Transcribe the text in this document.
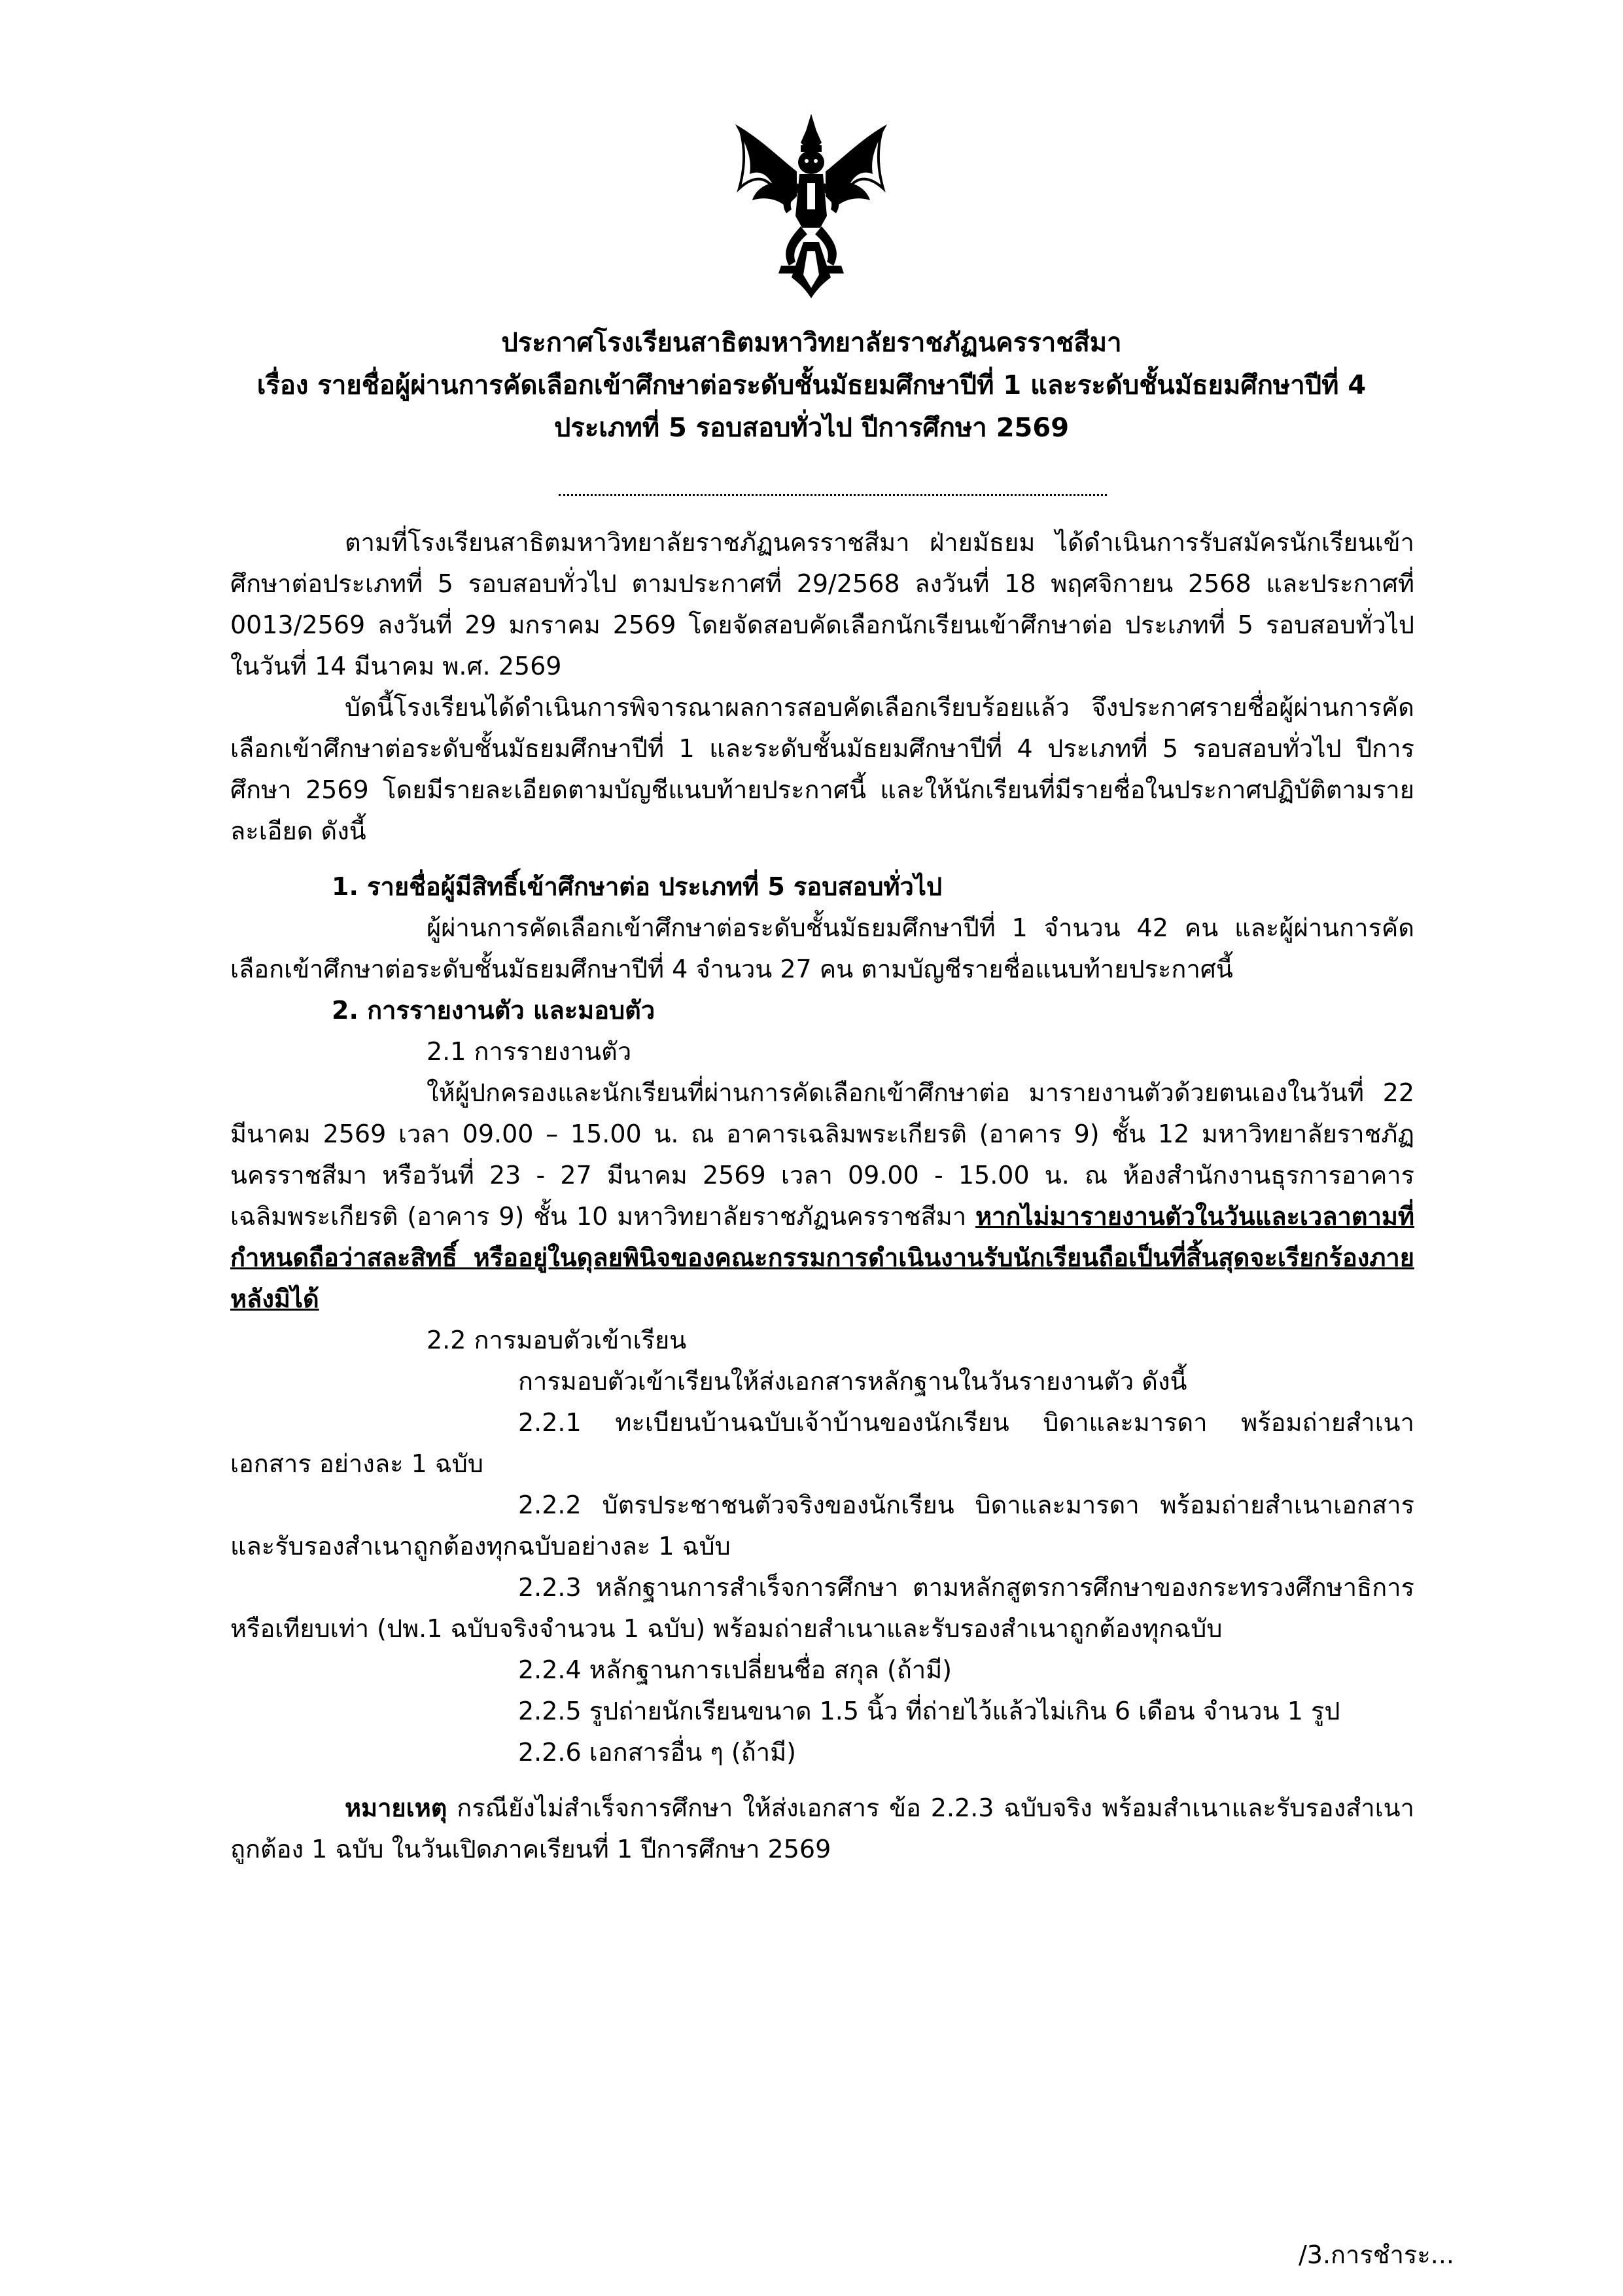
ประกาศโรงเรียนสาธิตมหาวิทยาลัยราชภัฏนครราชสีมา
เรื่อง รายชื่อผู้ผ่านการคัดเลือกเข้าศึกษาต่อระดับชั้นมัธยมศึกษาปีที่ 1 และระดับชั้นมัธยมศึกษาปีที่ 4
ประเภทที่ 5 รอบสอบทั่วไป ปีการศึกษา 2569

ตามที่โรงเรียนสาธิตมหาวิทยาลัยราชภัฏนครราชสีมา ฝ่ายมัธยม ได้ดำเนินการรับสมัครนักเรียนเข้าศึกษาต่อประเภทที่ 5 รอบสอบทั่วไป ตามประกาศที่ 29/2568 ลงวันที่ 18 พฤศจิกายน 2568 และประกาศที่ 0013/2569 ลงวันที่ 29 มกราคม 2569 โดยจัดสอบคัดเลือกนักเรียนเข้าศึกษาต่อ ประเภทที่ 5 รอบสอบทั่วไป ในวันที่ 14 มีนาคม พ.ศ. 2569

บัดนี้โรงเรียนได้ดำเนินการพิจารณาผลการสอบคัดเลือกเรียบร้อยแล้ว จึงประกาศรายชื่อผู้ผ่านการคัดเลือกเข้าศึกษาต่อระดับชั้นมัธยมศึกษาปีที่ 1 และระดับชั้นมัธยมศึกษาปีที่ 4 ประเภทที่ 5 รอบสอบทั่วไป ปีการศึกษา 2569 โดยมีรายละเอียดตามบัญชีแนบท้ายประกาศนี้ และให้นักเรียนที่มีรายชื่อในประกาศปฏิบัติตามรายละเอียด ดังนี้

1. รายชื่อผู้มีสิทธิ์เข้าศึกษาต่อ ประเภทที่ 5 รอบสอบทั่วไป

ผู้ผ่านการคัดเลือกเข้าศึกษาต่อระดับชั้นมัธยมศึกษาปีที่ 1 จำนวน 42 คน และผู้ผ่านการคัดเลือกเข้าศึกษาต่อระดับชั้นมัธยมศึกษาปีที่ 4 จำนวน 27 คน ตามบัญชีรายชื่อแนบท้ายประกาศนี้

2. การรายงานตัว และมอบตัว

2.1 การรายงานตัว

ให้ผู้ปกครองและนักเรียนที่ผ่านการคัดเลือกเข้าศึกษาต่อ มารายงานตัวด้วยตนเองในวันที่ 22 มีนาคม 2569 เวลา 09.00 – 15.00 น. ณ อาคารเฉลิมพระเกียรติ (อาคาร 9) ชั้น 12 มหาวิทยาลัยราชภัฏนครราชสีมา หรือวันที่ 23 - 27 มีนาคม 2569 เวลา 09.00 - 15.00 น. ณ ห้องสำนักงานธุรการอาคารเฉลิมพระเกียรติ (อาคาร 9) ชั้น 10 มหาวิทยาลัยราชภัฏนครราชสีมา หากไม่มารายงานตัวในวันและเวลาตามที่กำหนดถือว่าสละสิทธิ์ หรืออยู่ในดุลยพินิจของคณะกรรมการดำเนินงานรับนักเรียนถือเป็นที่สิ้นสุดจะเรียกร้องภายหลังมิได้

2.2 การมอบตัวเข้าเรียน

การมอบตัวเข้าเรียนให้ส่งเอกสารหลักฐานในวันรายงานตัว ดังนี้

2.2.1 ทะเบียนบ้านฉบับเจ้าบ้านของนักเรียน บิดาและมารดา พร้อมถ่ายสำเนาเอกสาร อย่างละ 1 ฉบับ

2.2.2 บัตรประชาชนตัวจริงของนักเรียน บิดาและมารดา พร้อมถ่ายสำเนาเอกสารและรับรองสำเนาถูกต้องทุกฉบับอย่างละ 1 ฉบับ

2.2.3 หลักฐานการสำเร็จการศึกษา ตามหลักสูตรการศึกษาของกระทรวงศึกษาธิการหรือเทียบเท่า (ปพ.1 ฉบับจริงจำนวน 1 ฉบับ) พร้อมถ่ายสำเนาและรับรองสำเนาถูกต้องทุกฉบับ

2.2.4 หลักฐานการเปลี่ยนชื่อ สกุล (ถ้ามี)

2.2.5 รูปถ่ายนักเรียนขนาด 1.5 นิ้ว ที่ถ่ายไว้แล้วไม่เกิน 6 เดือน จำนวน 1 รูป

2.2.6 เอกสารอื่น ๆ (ถ้ามี)

หมายเหตุ กรณียังไม่สำเร็จการศึกษา ให้ส่งเอกสาร ข้อ 2.2.3 ฉบับจริง พร้อมสำเนาและรับรองสำเนาถูกต้อง 1 ฉบับ ในวันเปิดภาคเรียนที่ 1 ปีการศึกษา 2569

/3.การชำระ...
